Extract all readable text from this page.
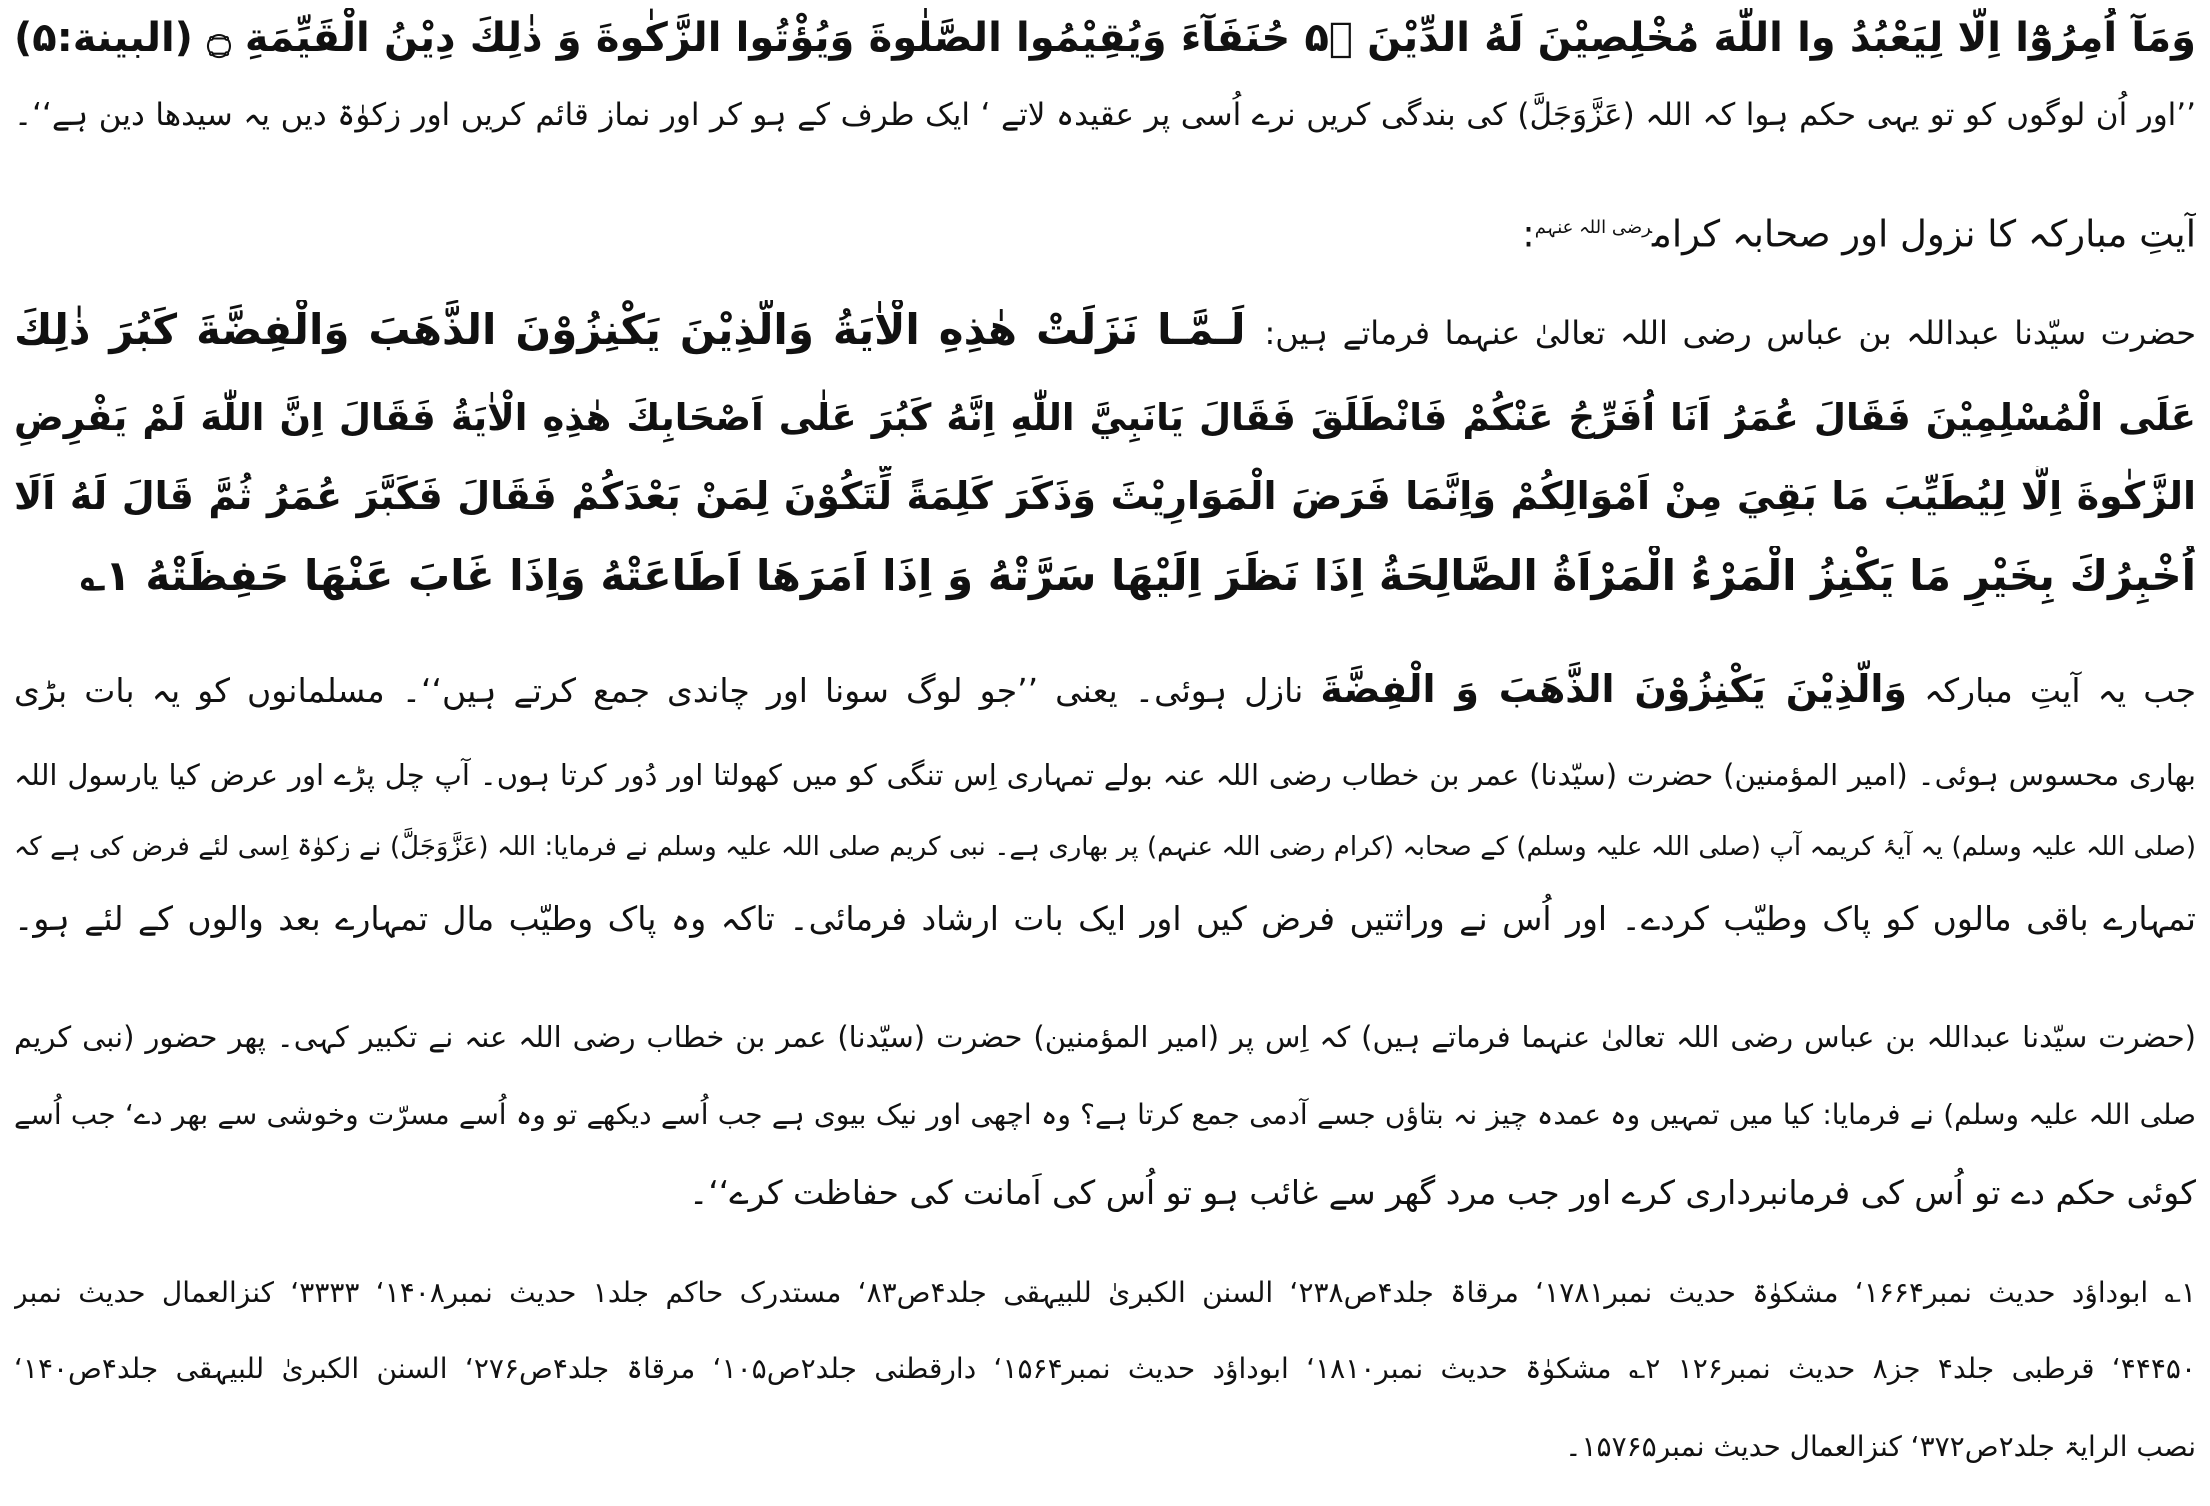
وَمَآ اُمِرُوْٓا اِلَّا لِيَعْبُدُ وا اللّٰهَ مُخْلِصِيْنَ لَهُ الدِّيْنَ ۵ۙ حُنَفَآءَ وَيُقِيْمُوا الصَّلٰوةَ وَيُؤْتُوا الزَّكٰوةَ وَ ذٰلِكَ دِيْنُ الْقَيِّمَةِ ۝ (البينة:۵)
’’اور اُن لوگوں کو تو یہی حکم ہوا کہ اللہ (عَزَّوَجَلَّ) کی بندگی کریں نرے اُسی پر عقیدہ لاتے ‘ ایک طرف کے ہو کر اور نماز قائم کریں اور زکوٰۃ دیں یہ سیدھا دین ہے‘‘۔
آیتِ مبارکہ کا نزول اور صحابہ کرام$^{رضی اللہ عنہم}$:
حضرت سیّدنا عبداللہ بن عباس رضی اللہ تعالیٰ عنہما فرماتے ہیں: لَـمَّـا نَزَلَتْ هٰذِهِ الْاٰيَةُ وَالَّذِيْنَ يَكْنِزُوْنَ الذَّهَبَ وَالْفِضَّةَ كَبُرَ ذٰلِكَ
عَلَى الْمُسْلِمِيْنَ فَقَالَ عُمَرُ اَنَا اُفَرِّجُ عَنْكُمْ فَانْطَلَقَ فَقَالَ يَانَبِيَّ اللّٰهِ اِنَّهُ كَبُرَ عَلٰى اَصْحَابِكَ هٰذِهِ الْاٰيَةُ فَقَالَ اِنَّ اللّٰهَ لَمْ يَفْرِضِ
الزَّكٰوةَ اِلَّا لِيُطَيِّبَ مَا بَقِيَ مِنْ اَمْوَالِكُمْ وَاِنَّمَا فَرَضَ الْمَوَارِيْثَ وَذَكَرَ كَلِمَةً لِّتَكُوْنَ لِمَنْ بَعْدَكُمْ فَقَالَ فَكَبَّرَ عُمَرُ ثُمَّ قَالَ لَهُ اَلَا
اُخْبِرُكَ بِخَيْرِ مَا يَكْنِزُ الْمَرْءُ الْمَرْاَةُ الصَّالِحَةُ اِذَا نَظَرَ اِلَيْهَا سَرَّتْهُ وَ اِذَا اَمَرَهَا اَطَاعَتْهُ وَاِذَا غَابَ عَنْهَا حَفِظَتْهُ ۱؎
جب یہ آیتِ مبارکہ وَالَّذِيْنَ يَكْنِزُوْنَ الذَّهَبَ وَ الْفِضَّةَ نازل ہوئی۔ یعنی ’’جو لوگ سونا اور چاندی جمع کرتے ہیں‘‘۔ مسلمانوں کو یہ بات بڑی
بھاری محسوس ہوئی۔ (امیر المؤمنین) حضرت (سیّدنا) عمر بن خطاب رضی اللہ عنہ بولے تمہاری اِس تنگی کو میں کھولتا اور دُور کرتا ہوں۔ آپ چل پڑے اور عرض کیا یارسول اللہ
(صلی اللہ علیہ وسلم) یہ آیۂ کریمہ آپ (صلی اللہ علیہ وسلم) کے صحابہ (کرام رضی اللہ عنہم) پر بھاری ہے۔ نبی کریم صلی اللہ علیہ وسلم نے فرمایا: اللہ (عَزَّوَجَلَّ) نے زکوٰۃ اِسی لئے فرض کی ہے کہ
تمہارے باقی مالوں کو پاک وطیّب کردے۔ اور اُس نے وراثتیں فرض کیں اور ایک بات ارشاد فرمائی۔ تاکہ وہ پاک وطیّب مال تمہارے بعد والوں کے لئے ہو۔
(حضرت سیّدنا عبداللہ بن عباس رضی اللہ تعالیٰ عنہما فرماتے ہیں) کہ اِس پر (امیر المؤمنین) حضرت (سیّدنا) عمر بن خطاب رضی اللہ عنہ نے تکبیر کہی۔ پھر حضور (نبی کریم
صلی اللہ علیہ وسلم) نے فرمایا: کیا میں تمہیں وہ عمدہ چیز نہ بتاؤں جسے آدمی جمع کرتا ہے؟ وہ اچھی اور نیک بیوی ہے جب اُسے دیکھے تو وہ اُسے مسرّت وخوشی سے بھر دے‘ جب اُسے
کوئی حکم دے تو اُس کی فرمانبرداری کرے اور جب مرد گھر سے غائب ہو تو اُس کی اَمانت کی حفاظت کرے‘‘۔
۱؎ ابوداؤد حدیث نمبر۱۶۶۴‘ مشکوٰۃ حدیث نمبر۱۷۸۱‘ مرقاۃ جلد۴ص۲۳۸‘ السنن الکبریٰ للبیہقی جلد۴ص۸۳‘ مستدرک حاکم جلد۱ حدیث نمبر۱۴۰۸‘ ۳۳۳۳‘ کنزالعمال حدیث نمبر
۴۴۴۵۰‘ قرطبی جلد۴ جز۸ حدیث نمبر۱۲۶ ۲؎ مشکوٰۃ حدیث نمبر۱۸۱۰‘ ابوداؤد حدیث نمبر۱۵۶۴‘ دارقطنی جلد۲ص۱۰۵‘ مرقاۃ جلد۴ص۲۷۶‘ السنن الکبریٰ للبیہقی جلد۴ص۱۴۰‘
نصب الرایۃ جلد۲ص۳۷۲‘ کنزالعمال حدیث نمبر۱۵۷۶۵۔
